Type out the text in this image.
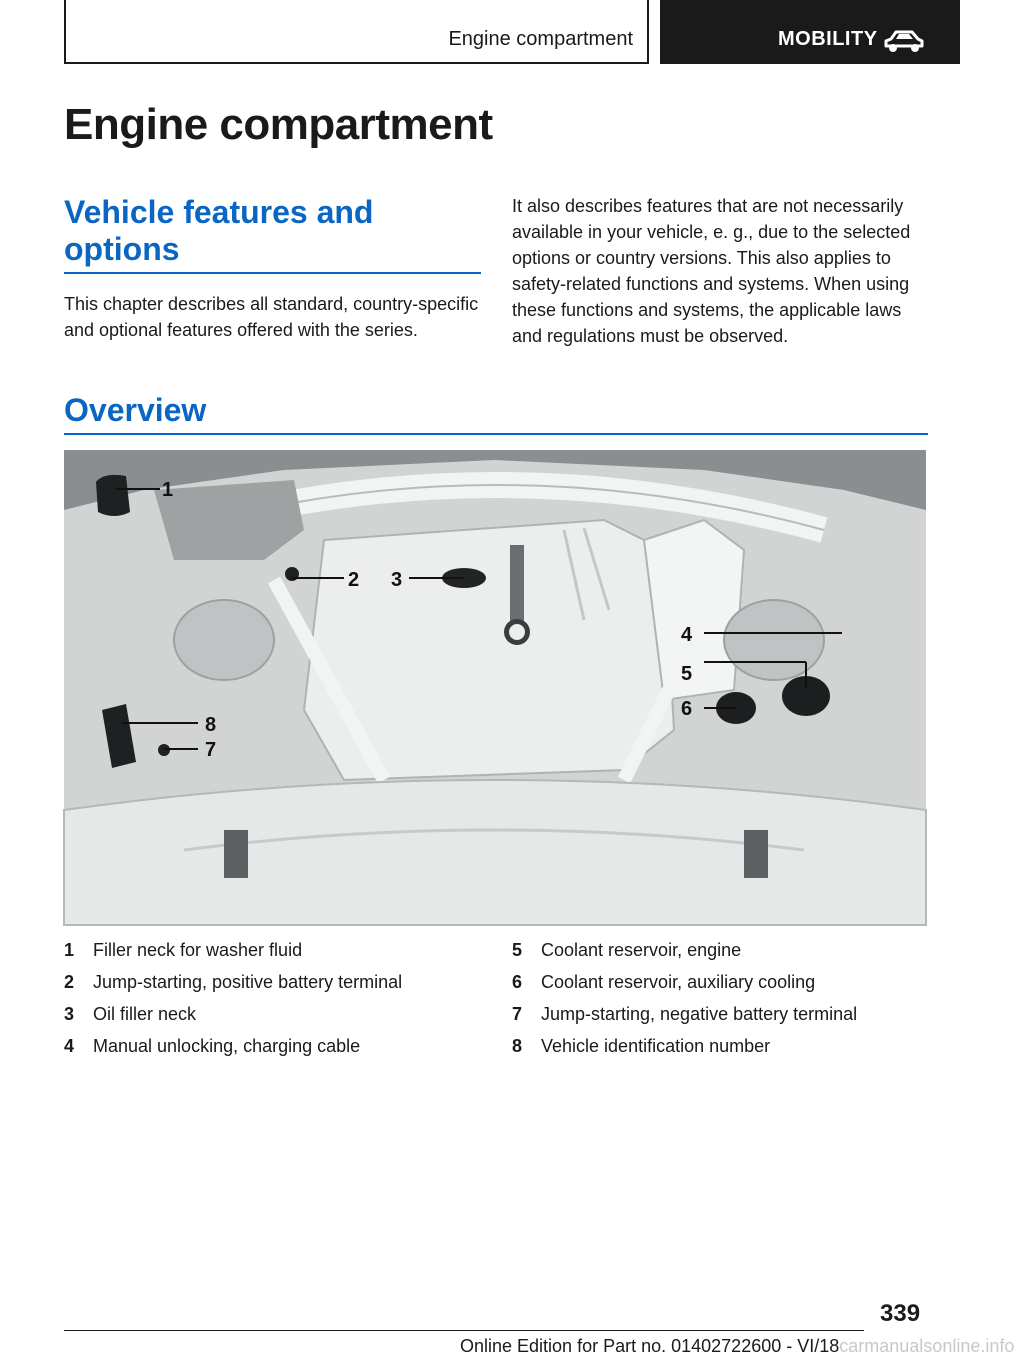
Engine compartment	MOBILITY
Engine compartment
Vehicle features and options

This chapter describes all standard, country-specific and optional features offered with the series.

It also describes features that are not necessarily available in your vehicle, e. g., due to the selected options or country versions. This also applies to safety-related functions and systems. When using these functions and systems, the applicable laws and regulations must be observed.

Overview
1
2 3
4
5
6
8
7
1	Filler neck for washer fluid
2	Jump-starting, positive battery terminal
3	Oil filler neck
4	Manual unlocking, charging cable
5	Coolant reservoir, engine
6	Coolant reservoir, auxiliary cooling
7	Jump-starting, negative battery terminal
8	Vehicle identification number
339
Online Edition for Part no. 01402722600 - VI/18carmanualsonline.info
